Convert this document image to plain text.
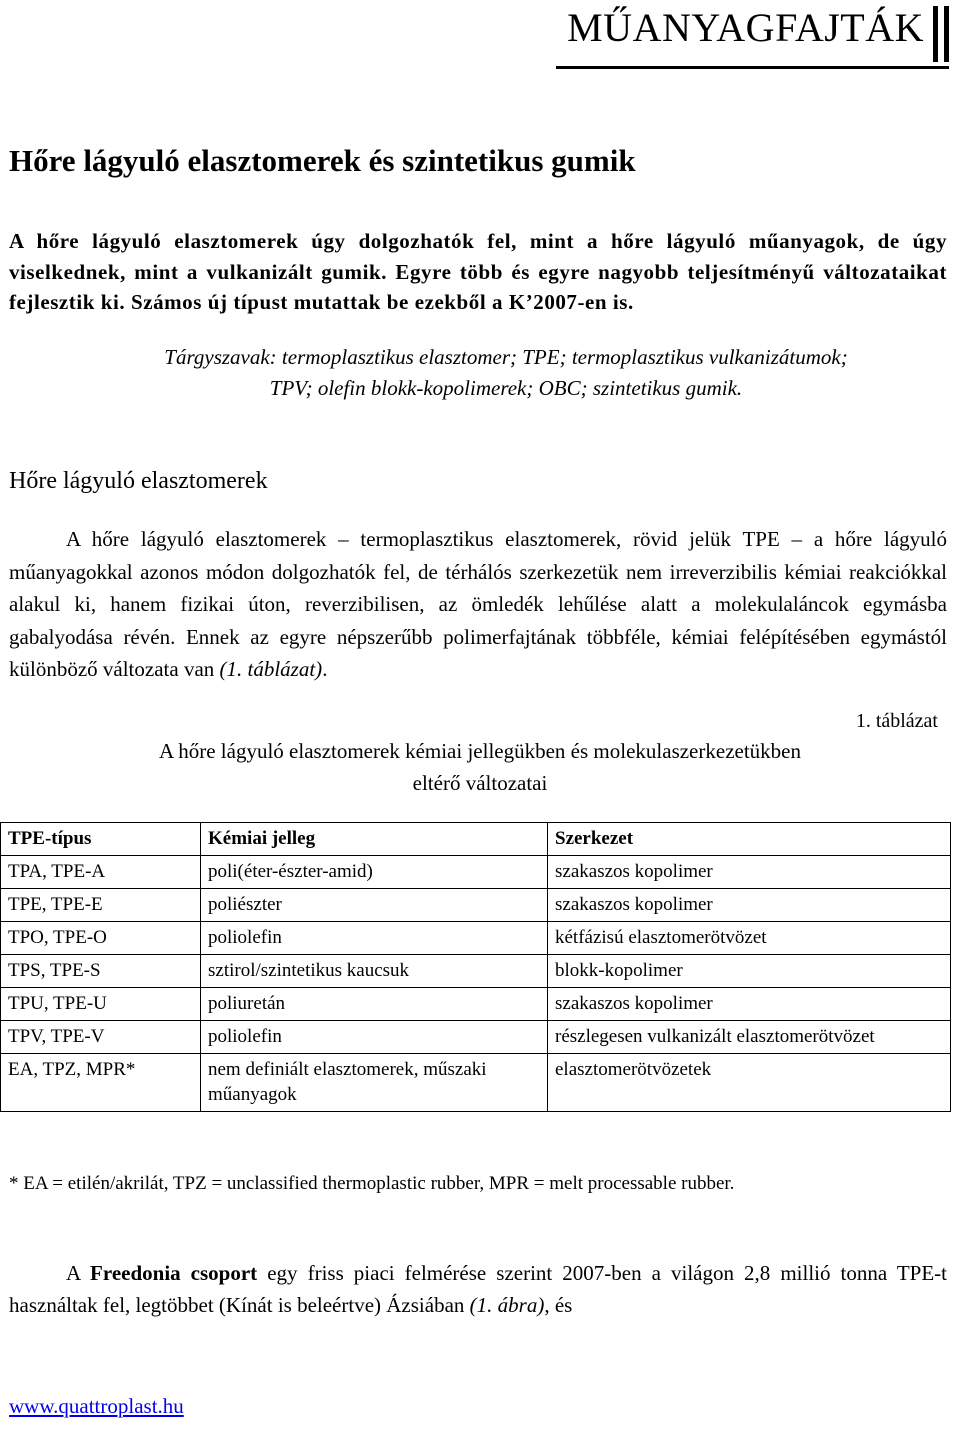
MŰANYAGFAJTÁK
Hőre lágyuló elasztomerek és szintetikus gumik

A hőre lágyuló elasztomerek úgy dolgozhatók fel, mint a hőre lágyuló műanyagok, de úgy viselkednek, mint a vulkanizált gumik. Egyre több és egyre nagyobb teljesítményű változataikat fejlesztik ki. Számos új típust mutattak be ezekből a K’2007-en is.

Tárgyszavak: termoplasztikus elasztomer; TPE; termoplasztikus vulkanizátumok;
TPV; olefin blokk-kopolimerek; OBC; szintetikus gumik.
Hőre lágyuló elasztomerek

A hőre lágyuló elasztomerek – termoplasztikus elasztomerek, rövid jelük TPE – a hőre lágyuló műanyagokkal azonos módon dolgozhatók fel, de térhálós szerkezetük nem irreverzibilis kémiai reakciókkal alakul ki, hanem fizikai úton, reverzibilisen, az ömledék lehűlése alatt a molekulaláncok egymásba gabalyodása révén. Ennek az egyre népszerűbb polimerfajtának többféle, kémiai felépítésében egymástól különböző változata van (1. táblázat).

1. táblázat
A hőre lágyuló elasztomerek kémiai jellegükben és molekulaszerkezetükben
eltérő változatai
TPE-típus	Kémiai jelleg	Szerkezet
TPA, TPE-A	poli(éter-észter-amid)	szakaszos kopolimer
TPE, TPE-E	poliészter	szakaszos kopolimer
TPO, TPE-O	poliolefin	kétfázisú elasztomerötvözet
TPS, TPE-S	sztirol/szintetikus kaucsuk	blokk-kopolimer
TPU, TPE-U	poliuretán	szakaszos kopolimer
TPV, TPE-V	poliolefin	részlegesen vulkanizált elasztomerötvözet
EA, TPZ, MPR*	nem definiált elasztomerek, műszaki műanyagok	elasztomerötvözetek
* EA = etilén/akrilát, TPZ = unclassified thermoplastic rubber, MPR = melt processable rubber.

A Freedonia csoport egy friss piaci felmérése szerint 2007-ben a világon 2,8 millió tonna TPE-t használtak fel, legtöbbet (Kínát is beleértve) Ázsiában (1. ábra), és

www.quattroplast.hu
